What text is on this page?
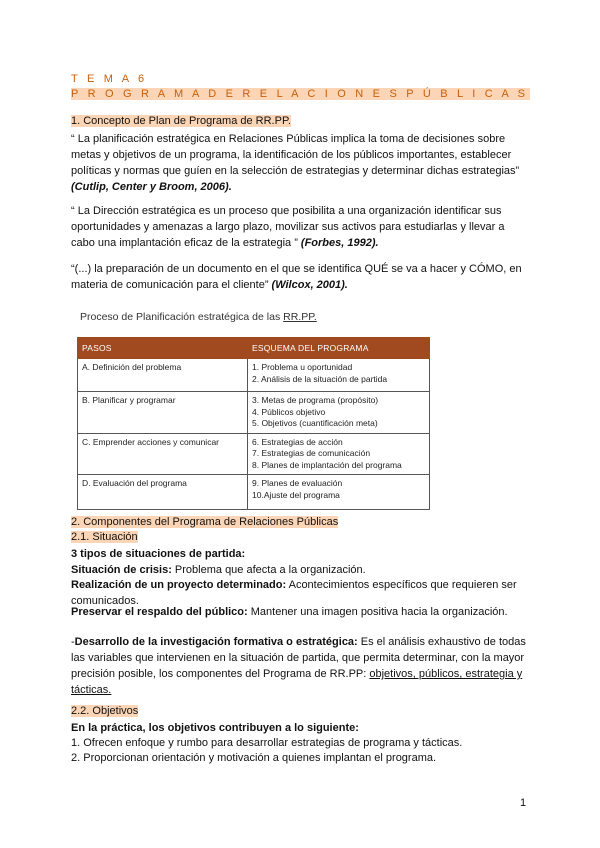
T E M A 6
P R O G R A M A D E R E L A C I O N E S P Ú B L I C A S
1. Concepto de Plan de Programa de RR.PP.
“ La planificación estratégica en Relaciones Públicas implica la toma de decisiones sobre metas y objetivos de un programa, la identificación de los públicos importantes, establecer políticas y normas que guíen en la selección de estrategias y determinar dichas estrategias” (Cutlip, Center y Broom, 2006).
“ La Dirección estratégica es un proceso que posibilita a una organización identificar sus oportunidades y amenazas a largo plazo, movilizar sus activos para estudiarlas y llevar a cabo una implantación eficaz de la estrategia ” (Forbes, 1992).
“(...) la preparación de un documento en el que se identifica QUÉ se va a hacer y CÓMO, en materia de comunicación para el cliente” (Wilcox, 2001).
Proceso de Planificación estratégica de las RR.PP.
PASOS	ESQUEMA DEL PROGRAMA
A. Definición del problema	1. Problema u oportunidad
2. Análisis de la situación de partida

B. Planificar y programar	3. Metas de programa (propósito)
4. Públicos objetivo
5. Objetivos (cuantificación meta)

C. Emprender acciones y comunicar	6. Estrategias de acción
7. Estrategias de comunicación
8. Planes de implantación del programa

D. Evaluación del programa	9. Planes de evaluación
10.Ajuste del programa
2. Componentes del Programa de Relaciones Públicas
2.1. Situación
3 tipos de situaciones de partida:
Situación de crisis: Problema que afecta a la organización.
Realización de un proyecto determinado: Acontecimientos específicos que requieren ser comunicados.
Preservar el respaldo del público: Mantener una imagen positiva hacia la organización.
-Desarrollo de la investigación formativa o estratégica: Es el análisis exhaustivo de todas las variables que intervienen en la situación de partida, que permita determinar, con la mayor precisión posible, los componentes del Programa de RR.PP: objetivos, públicos, estrategia y tácticas.
2.2. Objetivos
En la práctica, los objetivos contribuyen a lo siguiente:
1. Ofrecen enfoque y rumbo para desarrollar estrategias de programa y tácticas.
2. Proporcionan orientación y motivación a quienes implantan el programa.
1
